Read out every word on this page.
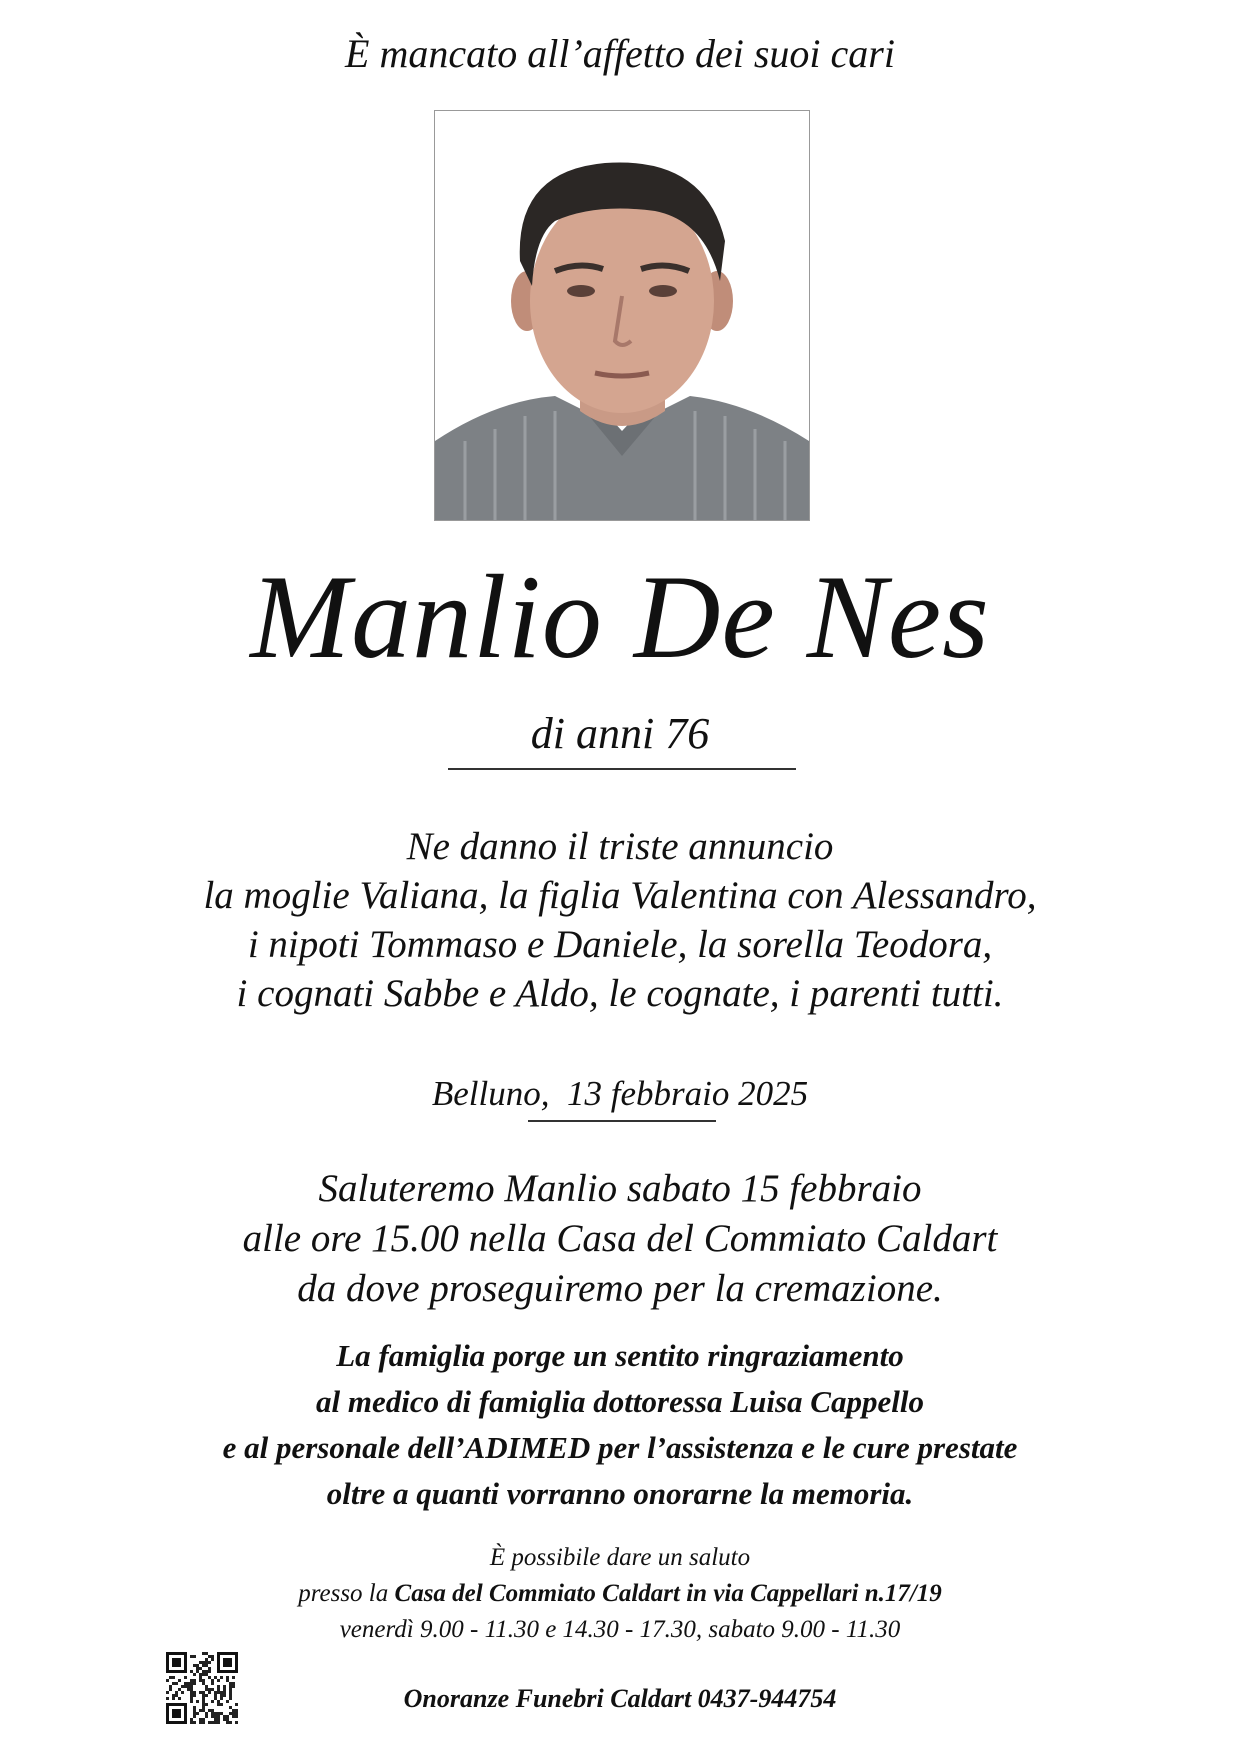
È mancato all’affetto dei suoi cari
Manlio De Nes
di anni 76
Ne danno il triste annuncio
la moglie Valiana, la figlia Valentina con Alessandro,
i nipoti Tommaso e Daniele, la sorella Teodora,
i cognati Sabbe e Aldo, le cognate, i parenti tutti.
Belluno,  13 febbraio 2025
Saluteremo Manlio sabato 15 febbraio
alle ore 15.00 nella Casa del Commiato Caldart
da dove proseguiremo per la cremazione.
La famiglia porge un sentito ringraziamento
al medico di famiglia dottoressa Luisa Cappello
e al personale dell’ADIMED per l’assistenza e le cure prestate
oltre a quanti vorranno onorarne la memoria.
È possibile dare un saluto
presso la Casa del Commiato Caldart in via Cappellari n.17/19
venerdì 9.00 - 11.30 e 14.30 - 17.30, sabato 9.00 - 11.30
Onoranze Funebri Caldart 0437-944754
